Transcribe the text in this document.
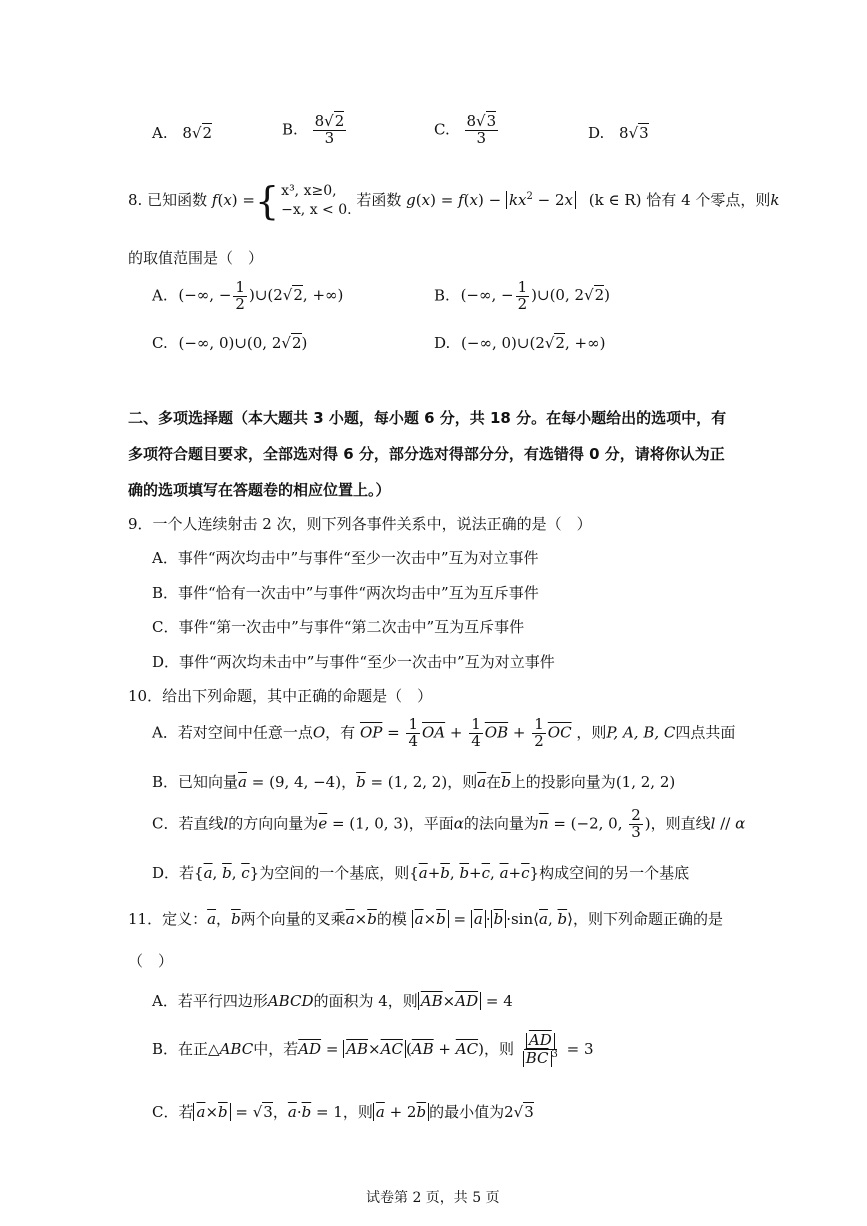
A. 8√2	B. $\frac{8√2}{3}$	C. $\frac{8√3}{3}$	D. 8√3
8. 已知函数 f(x) ={ x³, x≥0,
−x, x < 0.
若函数 $g(x) = f(x) - kx^2 - 2x$ (k ∈ R) 恰有 4 个零点，则k
的取值范围是（　）
A. (−∞, − $\frac{1}{2}$ )∪(2√2, +∞)	B. (−∞, − $\frac{1}{2}$ )∪(0, 2√2)
C. (−∞, 0)∪(0, 2√2)	D. (−∞, 0)∪(2√2, +∞)
二、多项选择题（本大题共 3 小题，每小题 6 分，共 18 分。在每小题给出的选项中，有
多项符合题目要求，全部选对得 6 分，部分选对得部分分，有选错得 0 分，请将你认为正
确的选项填写在答题卷的相应位置上。）
9．一个人连续射击 2 次，则下列各事件关系中，说法正确的是（　）
A．事件“两次均击中”与事件“至少一次击中”互为对立事件
B．事件“恰有一次击中”与事件“两次均击中”互为互斥事件
C．事件“第一次击中”与事件“第二次击中”互为互斥事件
D．事件“两次均未击中”与事件“至少一次击中”互为对立事件
10．给出下列命题，其中正确的命题是（　）
A．若对空间中任意一点O，有 $\overline{OP} = \frac{1}{4} \overline{OA} + \frac{1}{4} \overline{OB} + \frac{1}{2} \overline{OC}$ ，则P, A, B, C四点共面
B．已知向量$\overline{a} = (9$, 4, −4)，$\overline{b} = (1$, 2, 2)，则$\overline{a}$在$\overline{b}$上的投影向量为(1, 2, 2)
C．若直线l的方向向量为$\overline{e} = (1$, 0, 3)，平面α的法向量为$\overline{n} = (-2$, 0, $\frac{2}{3}$ )，则直线l // α
D．若{$\overline{a}$, $\overline{b}$, $\overline{c}$}为空间的一个基底，则{$\overline{a}+\overline{b}$, $\overline{b}+\overline{c}$, $\overline{a}+\overline{c}$}构成空间的另一个基底
11．定义：$\overline{a}$，$\overline{b}$两个向量的叉乘$\overline{a}\times\overline{b}$的模 $\overline{a}\times\overline{b} = \overline{a} \cdot \overline{b}$ $\cdot\sin⟨\overline{a}$, $\overline{b}⟩$，则下列命题正确的是
（　）
A．若平行四边形ABCD的面积为 4，则 $\overline{AB}\times\overline{AD} = 4$
B．在正△ABC中，若$\overline{AD} = \overline{AB}\times\overline{AC}$ $(\overline{AB} + \overline{AC})$，则 $\frac{\overline{AD}}{\overline{BC} ^3} = 3$
C．若 $\overline{a}\times\overline{b} = √3$，$\overline{a}\cdot\overline{b} = 1$，则 $\overline{a} + 2\overline{b}$ 的最小值为2√3
试卷第 2 页，共 5 页
